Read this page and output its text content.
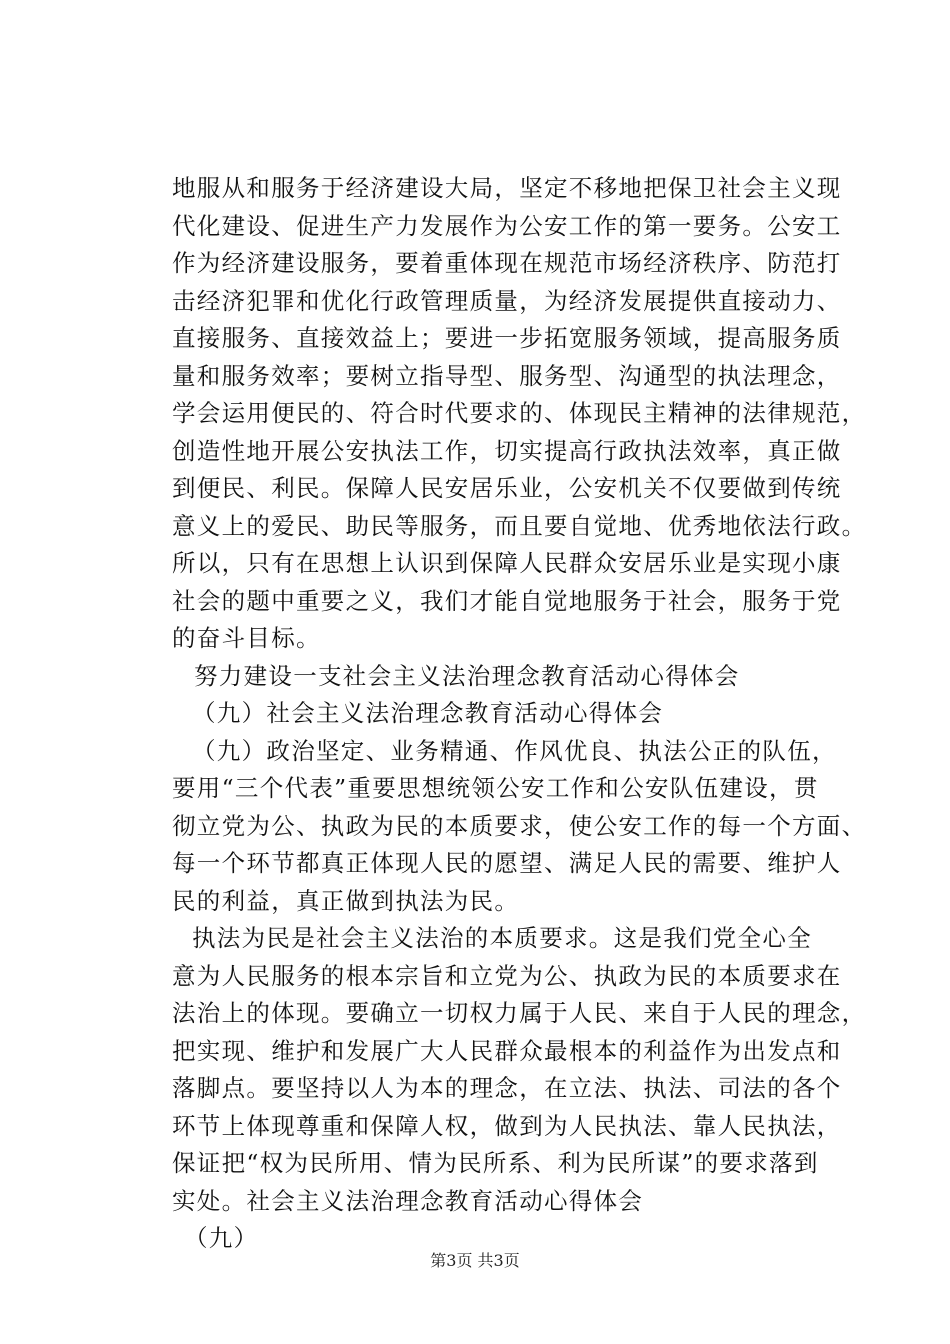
地服从和服务于经济建设大局，坚定不移地把保卫社会主义现
代化建设、促进生产力发展作为公安工作的第一要务。公安工
作为经济建设服务，要着重体现在规范市场经济秩序、防范打
击经济犯罪和优化行政管理质量，为经济发展提供直接动力、
直接服务、直接效益上；要进一步拓宽服务领域，提高服务质
量和服务效率；要树立指导型、服务型、沟通型的执法理念，
学会运用便民的、符合时代要求的、体现民主精神的法律规范，
创造性地开展公安执法工作，切实提高行政执法效率，真正做
到便民、利民。保障人民安居乐业，公安机关不仅要做到传统
意义上的爱民、助民等服务，而且要自觉地、优秀地依法行政。
所以，只有在思想上认识到保障人民群众安居乐业是实现小康
社会的题中重要之义，我们才能自觉地服务于社会，服务于党
的奋斗目标。
努力建设一支社会主义法治理念教育活动心得体会
（九）社会主义法治理念教育活动心得体会
（九）政治坚定、业务精通、作风优良、执法公正的队伍，
要用“三个代表”重要思想统领公安工作和公安队伍建设，贯
彻立党为公、执政为民的本质要求，使公安工作的每一个方面、
每一个环节都真正体现人民的愿望、满足人民的需要、维护人
民的利益，真正做到执法为民。
执法为民是社会主义法治的本质要求。这是我们党全心全
意为人民服务的根本宗旨和立党为公、执政为民的本质要求在
法治上的体现。要确立一切权力属于人民、来自于人民的理念，
把实现、维护和发展广大人民群众最根本的利益作为出发点和
落脚点。要坚持以人为本的理念，在立法、执法、司法的各个
环节上体现尊重和保障人权，做到为人民执法、靠人民执法，
保证把“权为民所用、情为民所系、利为民所谋”的要求落到
实处。社会主义法治理念教育活动心得体会
（九）
第3页 共3页
